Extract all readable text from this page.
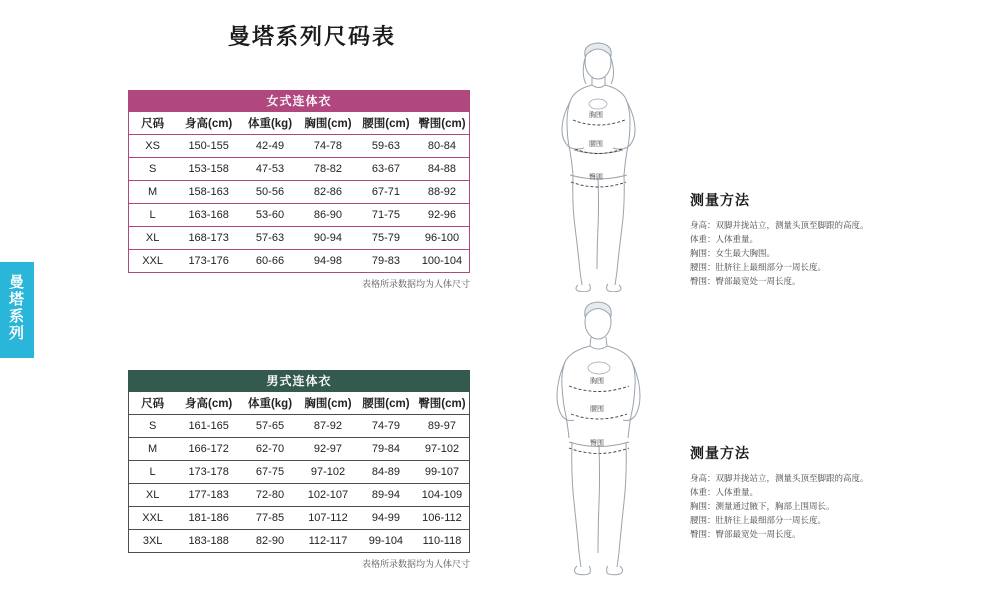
曼
塔
系
列
曼塔系列尺码表
女式连体衣
尺码	身高(cm)	体重(kg)	胸围(cm)	腰围(cm)	臀围(cm)
XS	150-155	42-49	74-78	59-63	80-84
S	153-158	47-53	78-82	63-67	84-88
M	158-163	50-56	82-86	67-71	88-92
L	163-168	53-60	86-90	71-75	92-96
XL	168-173	57-63	90-94	75-79	96-100
XXL	173-176	60-66	94-98	79-83	100-104
表格所录数据均为人体尺寸
男式连体衣
尺码	身高(cm)	体重(kg)	胸围(cm)	腰围(cm)	臀围(cm)
S	161-165	57-65	87-92	74-79	89-97
M	166-172	62-70	92-97	79-84	97-102
L	173-178	67-75	97-102	84-89	99-107
XL	177-183	72-80	102-107	89-94	104-109
XXL	181-186	77-85	107-112	94-99	106-112
3XL	183-188	82-90	112-117	99-104	110-118
表格所录数据均为人体尺寸
胸围
腰围
臀围
胸围
腰围
臀围
测量方法
身高：双脚并拢站立，测量头顶至脚跟的高度。
体重：人体重量。
胸围：女生最大胸围。
腰围：肚脐往上最细部分一周长度。
臀围：臀部最宽处一周长度。
测量方法
身高：双脚并拢站立，测量头顶至脚跟的高度。
体重：人体重量。
胸围：测量通过腋下，胸部上围周长。
腰围：肚脐往上最细部分一周长度。
臀围：臀部最宽处一周长度。
